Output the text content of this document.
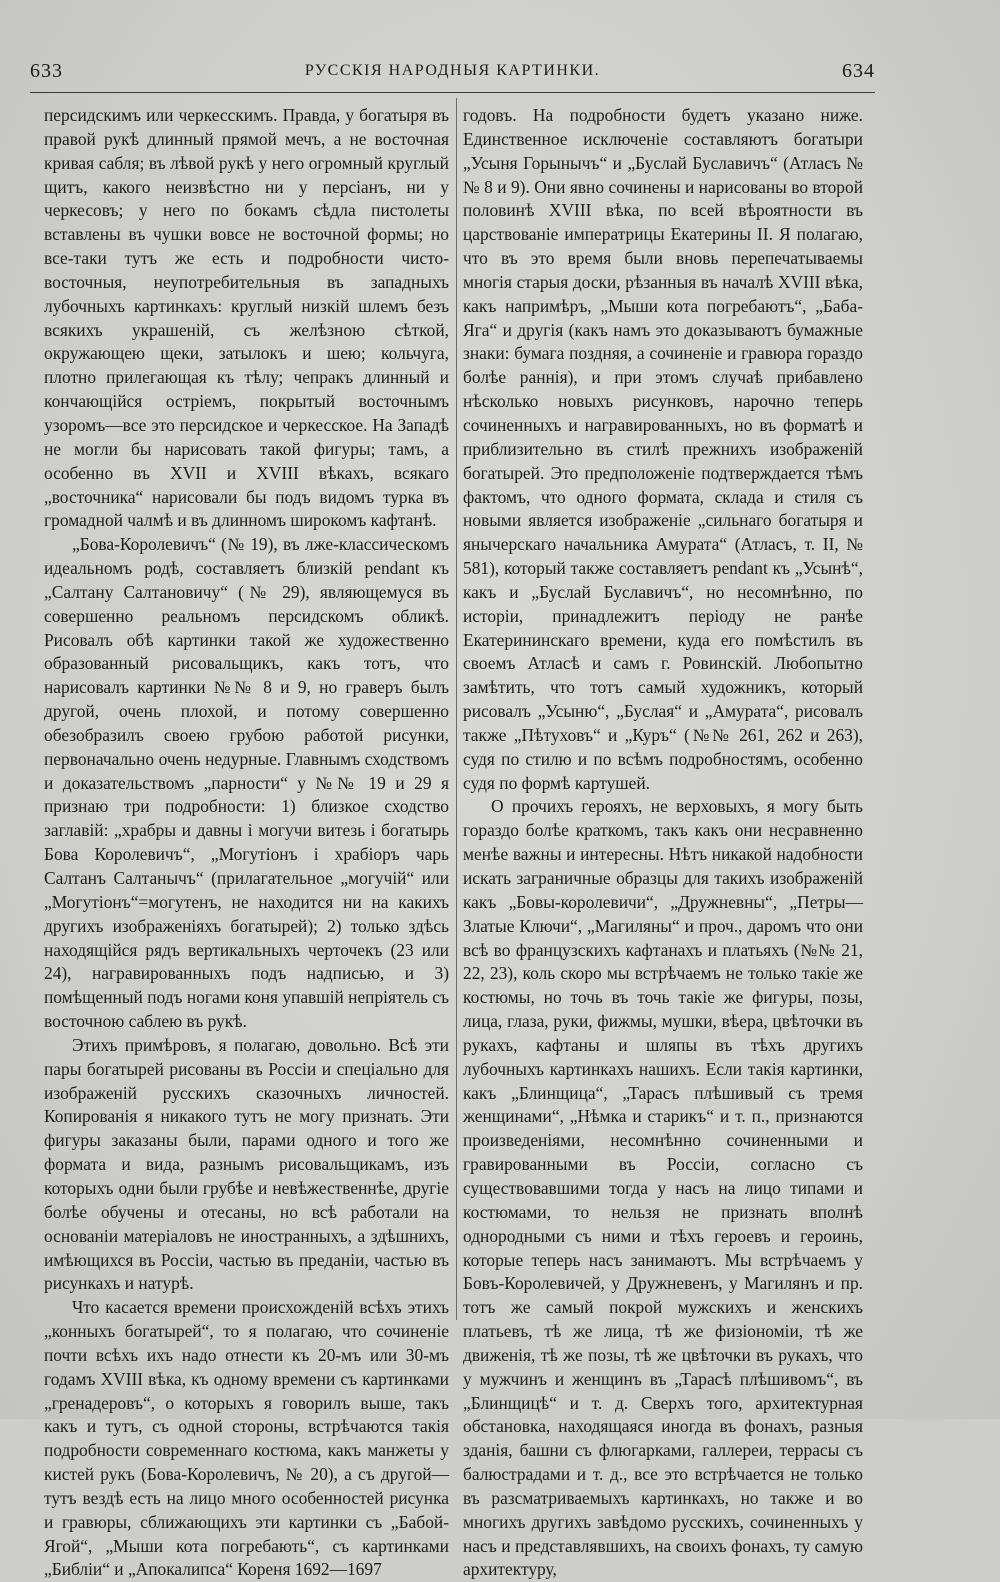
633	РУССКІЯ НАРОДНЫЯ КАРТИНКИ.	634

персидскимъ или черкесскимъ. Правда, у богатыря въ правой рукѣ длинный прямой мечъ, а не восточная кривая сабля; въ лѣвой рукѣ у него огромный круглый щитъ, какого неизвѣстно ни у персіанъ, ни у черкесовъ; у него по бокамъ сѣдла пистолеты вставлены въ чушки вовсе не восточной формы; но все-таки тутъ же есть и подробности чисто-восточныя, неупотребительныя въ западныхъ лубочныхъ картинкахъ: круглый низкій шлемъ безъ всякихъ украшеній, съ желѣзною сѣткой, окружающею щеки, затылокъ и шею; кольчуга, плотно прилегающая къ тѣлу; чепракъ длинный и кончающійся остріемъ, покрытый восточнымъ узоромъ—все это персидское и черкесское. На Западѣ не могли бы нарисовать такой фигуры; тамъ, а особенно въ XVII и XVIII вѣкахъ, всякаго „восточника“ нарисовали бы подъ видомъ турка въ громадной чалмѣ и въ длинномъ широкомъ кафтанѣ.

„Бова-Королевичъ“ (№ 19), въ лже-классическомъ идеальномъ родѣ, составляетъ близкій pendant къ „Салтану Салтановичу“ (№ 29), являющемуся въ совершенно реальномъ персидскомъ обликѣ. Рисовалъ обѣ картинки такой же художественно образованный рисовальщикъ, какъ тотъ, что нарисовалъ картинки №№ 8 и 9, но граверъ былъ другой, очень плохой, и потому совершенно обезобразилъ своею грубою работой рисунки, первоначально очень недурные. Главнымъ сходствомъ и доказательствомъ „парности“ у №№ 19 и 29 я признаю три подробности: 1) близкое сходство заглавій: „храбры и давны і могучи витезь і богатырь Бова Королевичъ“, „Могутіонъ і храбіоръ чарь Салтанъ Салтанычъ“ (прилагательное „могучій“ или „Могутіонъ“=могутенъ, не находится ни на какихъ другихъ изображеніяхъ богатырей); 2) только здѣсь находящійся рядъ вертикальныхъ черточекъ (23 или 24), награвированныхъ подъ надписью, и 3) помѣщенный подъ ногами коня упавшій непріятель съ восточною саблею въ рукѣ.

Этихъ примѣровъ, я полагаю, довольно. Всѣ эти пары богатырей рисованы въ Россіи и спеціально для изображеній русскихъ сказочныхъ личностей. Копированія я никакого тутъ не могу признать. Эти фигуры заказаны были, парами одного и того же формата и вида, разнымъ рисовальщикамъ, изъ которыхъ одни были грубѣе и невѣжественнѣе, другіе болѣе обучены и отесаны, но всѣ работали на основаніи матеріаловъ не иностранныхъ, а здѣшнихъ, имѣющихся въ Россіи, частью въ преданіи, частью въ рисункахъ и натурѣ.

Что касается времени происхожденій всѣхъ этихъ „конныхъ богатырей“, то я полагаю, что сочиненіе почти всѣхъ ихъ надо отнести къ 20-мъ или 30-мъ годамъ XVIII вѣка, къ одному времени съ картинками „гренадеровъ“, о которыхъ я говорилъ выше, такъ какъ и тутъ, съ одной стороны, встрѣчаются такія подробности современнаго костюма, какъ манжеты у кистей рукъ (Бова-Королевичъ, № 20), а съ другой—тутъ вездѣ есть на лицо много особенностей рисунка и гравюры, сближающихъ эти картинки съ „Бабой-Ягой“, „Мыши кота погребають“, съ картинками „Библіи“ и „Апокалипса“ Кореня 1692—1697

годовъ. На подробности будетъ указано ниже. Единственное исключеніе составляютъ богатыри „Усыня Горынычъ“ и „Буслай Буславичъ“ (Атласъ №№ 8 и 9). Они явно сочинены и нарисованы во второй половинѣ XVIII вѣка, по всей вѣроятности въ царствованіе императрицы Екатерины II. Я полагаю, что въ это время были вновь перепечатываемы многія старыя доски, рѣзанныя въ началѣ XVIII вѣка, какъ напримѣръ, „Мыши кота погребаютъ“, „Баба-Яга“ и другія (какъ намъ это доказываютъ бумажные знаки: бумага поздняя, а сочиненіе и гравюра гораздо болѣе раннія), и при этомъ случаѣ прибавлено нѣсколько новыхъ рисунковъ, нарочно теперь сочиненныхъ и награвированныхъ, но въ форматѣ и приблизительно въ стилѣ прежнихъ изображеній богатырей. Это предположеніе подтверждается тѣмъ фактомъ, что одного формата, склада и стиля съ новыми является изображеніе „сильнаго богатыря и янычерскаго начальника Амурата“ (Атласъ, т. II, № 581), который также составляетъ pendant къ „Усынѣ“, какъ и „Буслай Буславичъ“, но несомнѣнно, по исторіи, принадлежитъ періоду не ранѣе Екатерининскаго времени, куда его помѣстилъ въ своемъ Атласѣ и самъ г. Ровинскій. Любопытно замѣтить, что тотъ самый художникъ, который рисовалъ „Усыню“, „Буслая“ и „Амурата“, рисовалъ также „Пѣтуховъ“ и „Куръ“ (№№ 261, 262 и 263), судя по стилю и по всѣмъ подробностямъ, особенно судя по формѣ картушей.

О прочихъ герояхъ, не верховыхъ, я могу быть гораздо болѣе краткомъ, такъ какъ они несравненно менѣе важны и интересны. Нѣтъ никакой надобности искать заграничные образцы для такихъ изображеній какъ „Бовы-королевичи“, „Дружневны“, „Петры—Златые Ключи“, „Магиляны“ и проч., даромъ что они всѣ во французскихъ кафтанахъ и платьяхъ (№№ 21, 22, 23), коль скоро мы встрѣчаемъ не только такіе же костюмы, но точь въ точь такіе же фигуры, позы, лица, глаза, руки, фижмы, мушки, вѣера, цвѣточки въ рукахъ, кафтаны и шляпы въ тѣхъ другихъ лубочныхъ картинкахъ нашихъ. Если такія картинки, какъ „Блинщица“, „Тарасъ плѣшивый съ тремя женщинами“, „Нѣмка и старикъ“ и т. п., признаются произведеніями, несомнѣнно сочиненными и гравированными въ Россіи, согласно съ существовавшими тогда у насъ на лицо типами и костюмами, то нельзя не признать вполнѣ однородными съ ними и тѣхъ героевъ и героинь, которые теперь насъ занимаютъ. Мы встрѣчаемъ у Бовъ-Королевичей, у Дружневенъ, у Магилянъ и пр. тотъ же самый покрой мужскихъ и женскихъ платьевъ, тѣ же лица, тѣ же физіономіи, тѣ же движенія, тѣ же позы, тѣ же цвѣточки въ рукахъ, что у мужчинъ и женщинъ въ „Тарасѣ плѣшивомъ“, въ „Блинщицѣ“ и т. д. Сверхъ того, архитектурная обстановка, находящаяся иногда въ фонахъ, разныя зданія, башни съ флюгарками, галлереи, террасы съ балюстрадами и т. д., все это встрѣчается не только въ разсматриваемыхъ картинкахъ, но также и во многихъ другихъ завѣдомо русскихъ, сочиненныхъ у насъ и представлявшихъ, на своихъ фонахъ, ту самую архитектуру,
